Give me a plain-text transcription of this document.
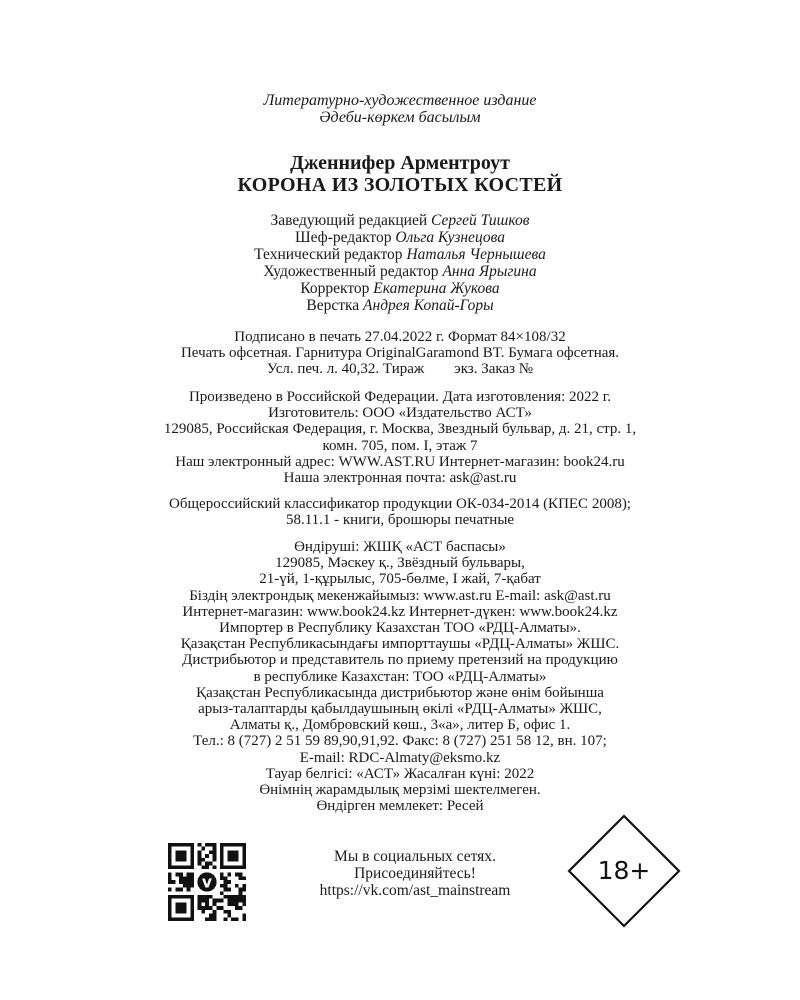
Литературно-художественное издание
Әдеби-көркем басылым
Дженнифер Арментроут
КОРОНА ИЗ ЗОЛОТЫХ КОСТЕЙ
Заведующий редакцией Сергей Тишков
Шеф-редактор Ольга Кузнецова
Технический редактор Наталья Чернышева
Художественный редактор Анна Ярыгина
Корректор Екатерина Жукова
Верстка Андрея Копай-Горы
Подписано в печать 27.04.2022 г. Формат 84×108/32
Печать офсетная. Гарнитура OriginalGaramond BT. Бумага офсетная.
Усл. печ. л. 40,32. Тираж        экз. Заказ №
Произведено в Российской Федерации. Дата изготовления: 2022 г.
Изготовитель: ООО «Издательство АСТ»
129085, Российская Федерация, г. Москва, Звездный бульвар, д. 21, стр. 1,
комн. 705, пом. I, этаж 7
Наш электронный адрес: WWW.AST.RU Интернет-магазин: book24.ru
Наша электронная почта: ask@ast.ru
Общероссийский классификатор продукции ОК-034-2014 (КПЕС 2008);
58.11.1 - книги, брошюры печатные
Өндіруші: ЖШҚ «АСТ баспасы»
129085, Мәскеу қ., Звёздный бульвары,
21-үй, 1-құрылыс, 705-бөлме, I жай, 7-қабат
Біздің электрондық мекенжайымыз: www.ast.ru E-mail: ask@ast.ru
Интернет-магазин: www.book24.kz Интернет-дүкен: www.book24.kz
Импортер в Республику Казахстан ТОО «РДЦ-Алматы».
Қазақстан Республикасындағы импорттаушы «РДЦ-Алматы» ЖШС.
Дистрибьютор и представитель по приему претензий на продукцию
в республике Казахстан: ТОО «РДЦ-Алматы»
Қазақстан Республикасында дистрибьютор және өнім бойынша
арыз-талаптарды қабылдаушының өкілі «РДЦ-Алматы» ЖШС,
Алматы қ., Домбровский көш., 3«а», литер Б, офис 1.
Тел.: 8 (727) 2 51 59 89,90,91,92. Факс: 8 (727) 251 58 12, вн. 107;
E-mail: RDC-Almaty@eksmo.kz
Тауар белгісі: «АСТ» Жасалған күні: 2022
Өнімнің жарамдылық мерзімі шектелмеген.
Өндірген мемлекет: Ресей
v
Мы в социальных сетях.
Присоединяйтесь!
https://vk.com/ast_mainstream
18+
